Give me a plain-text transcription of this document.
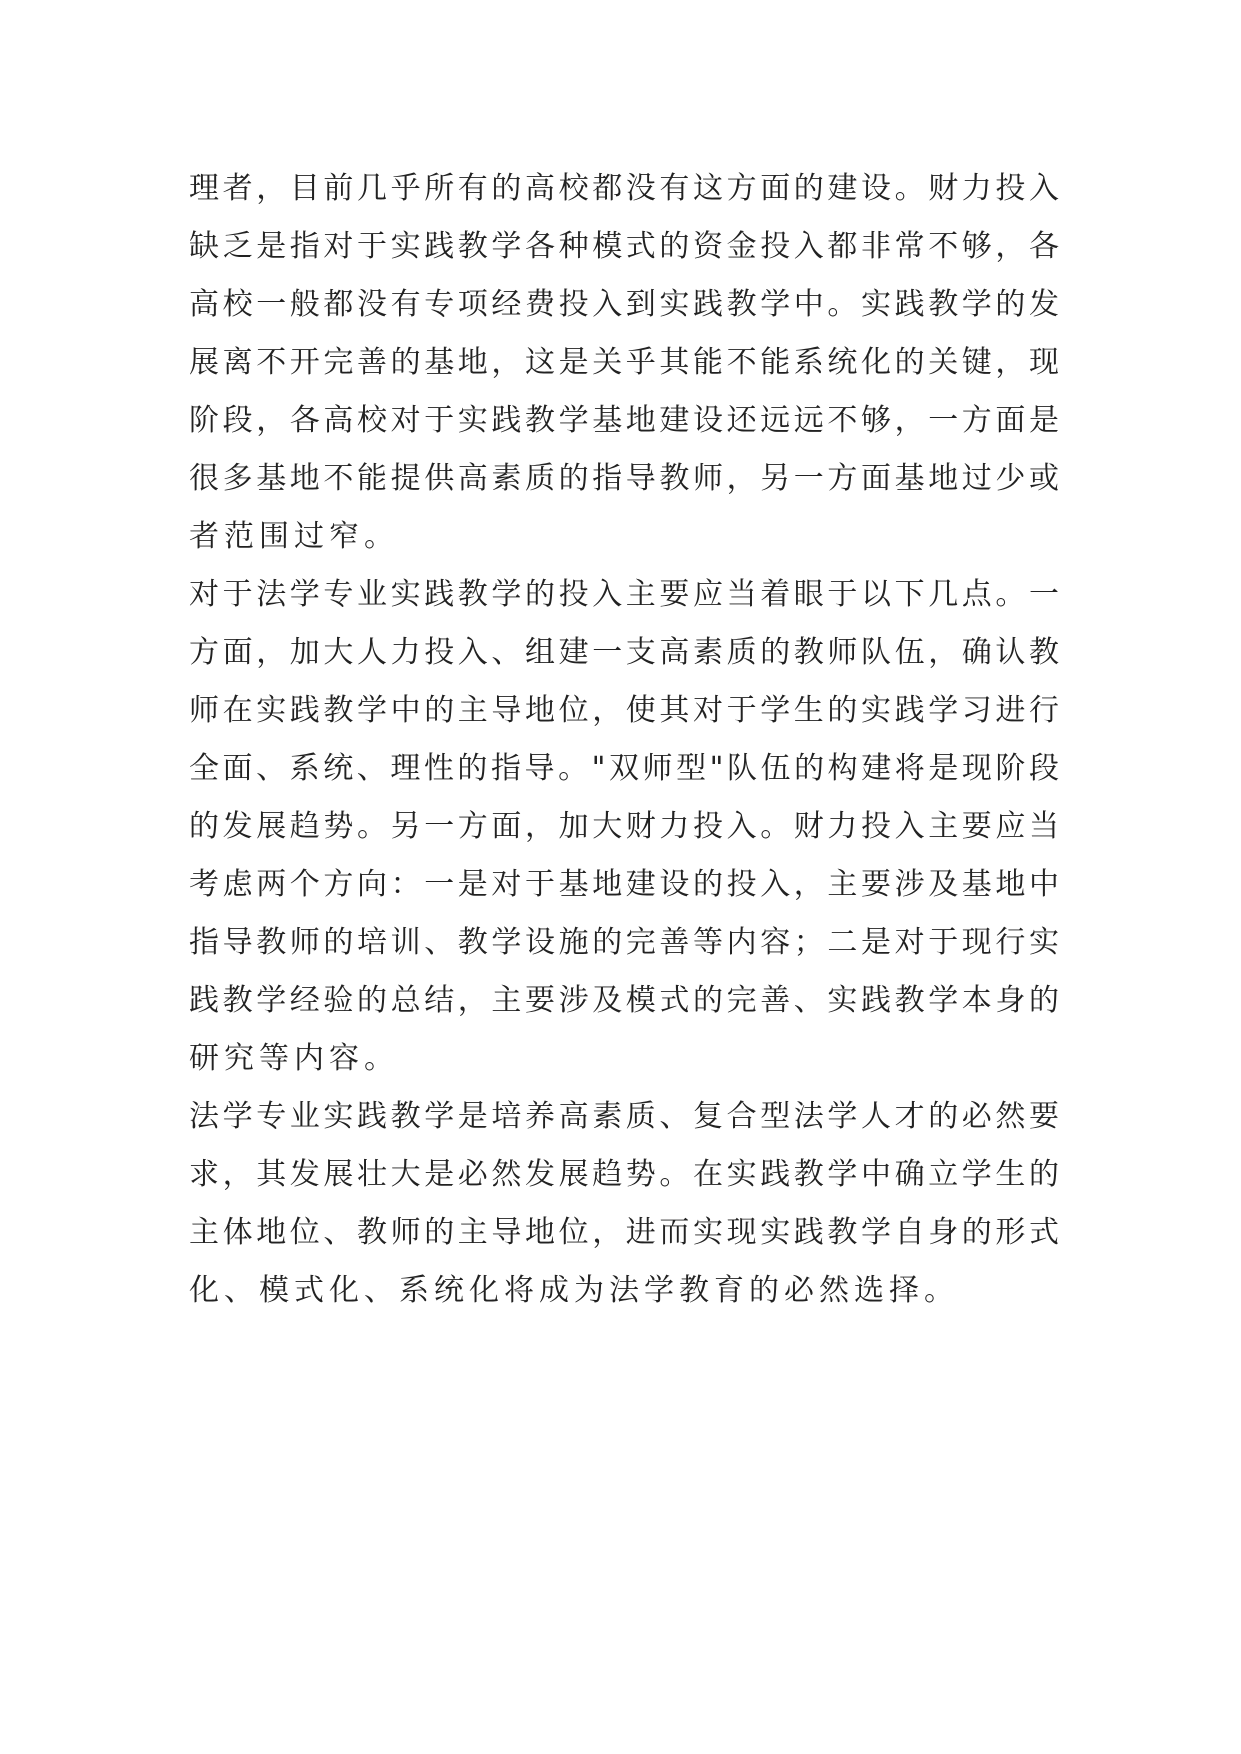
理者，目前几乎所有的高校都没有这方面的建设。财力投入
缺乏是指对于实践教学各种模式的资金投入都非常不够，各
高校一般都没有专项经费投入到实践教学中。实践教学的发
展离不开完善的基地，这是关乎其能不能系统化的关键，现
阶段，各高校对于实践教学基地建设还远远不够，一方面是
很多基地不能提供高素质的指导教师，另一方面基地过少或
者范围过窄。
对于法学专业实践教学的投入主要应当着眼于以下几点。一
方面，加大人力投入、组建一支高素质的教师队伍，确认教
师在实践教学中的主导地位，使其对于学生的实践学习进行
全面、系统、理性的指导。"双师型"队伍的构建将是现阶段
的发展趋势。另一方面，加大财力投入。财力投入主要应当
考虑两个方向：一是对于基地建设的投入，主要涉及基地中
指导教师的培训、教学设施的完善等内容；二是对于现行实
践教学经验的总结，主要涉及模式的完善、实践教学本身的
研究等内容。
法学专业实践教学是培养高素质、复合型法学人才的必然要
求，其发展壮大是必然发展趋势。在实践教学中确立学生的
主体地位、教师的主导地位，进而实现实践教学自身的形式
化、模式化、系统化将成为法学教育的必然选择。
